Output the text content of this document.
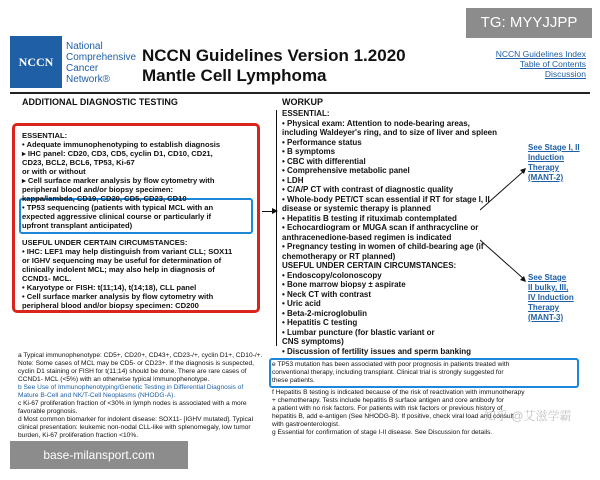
NCCN
National
Comprehensive
Cancer
Network®
NCCN Guidelines Version 1.2020
Mantle Cell Lymphoma
NCCN Guidelines Index
Table of Contents
Discussion
TG: MYYJJPP
ADDITIONAL DIAGNOSTIC TESTING	WORKUP
ESSENTIAL:
• Adequate immunophenotyping to establish diagnosis
▸ IHC panel: CD20, CD3, CD5, cyclin D1, CD10, CD21,
CD23, BCL2, BCL6, TP53, Ki-67
or with or without
▸ Cell surface marker analysis by flow cytometry with
peripheral blood and/or biopsy specimen:
kappa/lambda, CD19, CD20, CD5, CD23, CD10
• TP53 sequencing (patients with typical MCL with an
expected aggressive clinical course or particularly if
upfront transplant anticipated)
USEFUL UNDER CERTAIN CIRCUMSTANCES:
• IHC: LEF1 may help distinguish from variant CLL; SOX11
or IGHV sequencing may be useful for determination of
clinically indolent MCL; may also help in diagnosis of
CCND1- MCL.
• Karyotype or FISH: t(11;14), t(14;18), CLL panel
• Cell surface marker analysis by flow cytometry with
peripheral blood and/or biopsy specimen: CD200
ESSENTIAL:
• Physical exam: Attention to node-bearing areas,
including Waldeyer's ring, and to size of liver and spleen
• Performance status
• B symptoms
• CBC with differential
• Comprehensive metabolic panel
• LDH
• C/A/P CT with contrast of diagnostic quality
• Whole-body PET/CT scan essential if RT for stage I, II
disease or systemic therapy is planned
• Hepatitis B testing if rituximab contemplated
• Echocardiogram or MUGA scan if anthracycline or
anthracenedione-based regimen is indicated
• Pregnancy testing in women of child-bearing age (if
chemotherapy or RT planned)
USEFUL UNDER CERTAIN CIRCUMSTANCES:
• Endoscopy/colonoscopy
• Bone marrow biopsy ± aspirate
• Neck CT with contrast
• Uric acid
• Beta-2-microglobulin
• Hepatitis C testing
• Lumbar puncture (for blastic variant or
CNS symptoms)
• Discussion of fertility issues and sperm banking
See Stage I, II
Induction
Therapy
(MANT-2)
See Stage
II bulky, III,
IV Induction
Therapy
(MANT-3)
a Typical immunophenotype: CD5+, CD20+, CD43+, CD23-/+, cyclin D1+, CD10-/+.
Note: Some cases of MCL may be CD5- or CD23+. If the diagnosis is suspected,
cyclin D1 staining or FISH for t(11;14) should be done. There are rare cases of
CCND1- MCL (<5%) with an otherwise typical immunophenotype.
b See Use of Immunophenotyping/Genetic Testing in Differential Diagnosis of
Mature B-Cell and NK/T-Cell Neoplasms (NHODG-A).
c Ki-67 proliferation fraction of <30% in lymph nodes is associated with a more
favorable prognosis.
d Most common biomarker for indolent disease: SOX11- [IGHV mutated]. Typical
clinical presentation: leukemic non-nodal CLL-like with splenomegaly, low tumor
burden, Ki-67 proliferation fraction <10%.
e TP53 mutation has been associated with poor prognosis in patients treated with
conventional therapy, including transplant. Clinical trial is strongly suggested for
these patients.
f Hepatitis B testing is indicated because of the risk of reactivation with immunotherapy
+ chemotherapy. Tests include hepatitis B surface antigen and core antibody for
a patient with no risk factors. For patients with risk factors or previous history of
hepatitis B, add e-antigen (See NHODG-B). If positive, check viral load and consult
with gastroenterologist.
g Essential for confirmation of stage I-II disease. See Discussion for details.
知乎 @艾滋学霸
base-milansport.com
